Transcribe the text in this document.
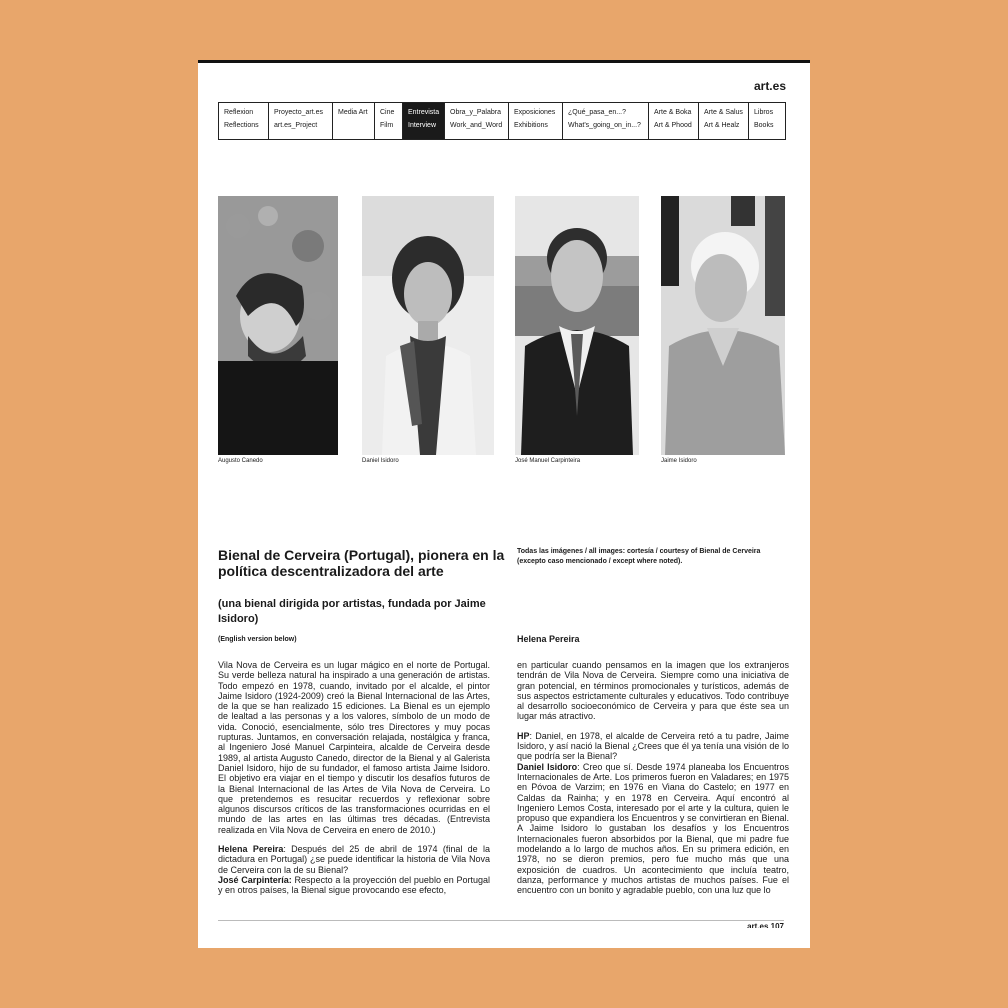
art.es
Reflexion
Reflections
Proyecto_art.es
art.es_Project
Media Art	Cine
Film
Entrevista
Interview
Obra_y_Palabra
Work_and_Word
Exposiciones
Exhibitions
¿Qué_pasa_en...?
What's_going_on_in...?
Arte & Boka
Art & Phood
Arte & Salus
Art & Healz
Libros
Books
Augusto Canedo	Daniel Isidoro	José Manuel Carpinteira	Jaime Isidoro
Bienal de Cerveira (Portugal), pionera en la política descentralizadora del arte
(una bienal dirigida por artistas, fundada por Jaime Isidoro)
(English version below)
Todas las imágenes / all images: cortesía / courtesy of Bienal de Cerveira (excepto caso mencionado / except where noted).
Helena Pereira

Vila Nova de Cerveira es un lugar mágico en el norte de Portugal. Su verde belleza natural ha inspirado a una generación de artistas. Todo empezó en 1978, cuando, invitado por el alcalde, el pintor Jaime Isidoro (1924-2009) creó la Bienal Internacional de las Artes, de la que se han realizado 15 ediciones. La Bienal es un ejemplo de lealtad a las personas y a los valores, símbolo de un modo de vida. Conoció, esencialmente, sólo tres Directores y muy pocas rupturas. Juntamos, en conversación relajada, nostálgica y franca, al Ingeniero José Manuel Carpinteira, alcalde de Cerveira desde 1989, al artista Augusto Canedo, director de la Bienal y al Galerista Daniel Isidoro, hijo de su fundador, el famoso artista Jaime Isidoro. El objetivo era viajar en el tiempo y discutir los desafíos futuros de la Bienal Internacional de las Artes de Vila Nova de Cerveira. Lo que pretendemos es resucitar recuerdos y reflexionar sobre algunos discursos críticos de las transformaciones ocurridas en el mundo de las artes en las últimas tres décadas. (Entrevista realizada en Vila Nova de Cerveira en enero de 2010.)

Helena Pereira: Después del 25 de abril de 1974 (final de la dictadura en Portugal) ¿se puede identificar la historia de Vila Nova de Cerveira con la de su Bienal?
José Carpintería: Respecto a la proyección del pueblo en Portugal y en otros países, la Bienal sigue provocando ese efecto,

en particular cuando pensamos en la imagen que los extranjeros tendrán de Vila Nova de Cerveira. Siempre como una iniciativa de gran potencial, en términos promocionales y turísticos, además de sus aspectos estrictamente culturales y educativos. Todo contribuye al desarrollo socioeconómico de Cerveira y para que éste sea un lugar más atractivo.

HP: Daniel, en 1978, el alcalde de Cerveira retó a tu padre, Jaime Isidoro, y así nació la Bienal ¿Crees que él ya tenía una visión de lo que podría ser la Bienal?
Daniel Isidoro: Creo que sí. Desde 1974 planeaba los Encuentros Internacionales de Arte. Los primeros fueron en Valadares; en 1975 en Póvoa de Varzim; en 1976 en Viana do Castelo; en 1977 en Caldas da Rainha; y en 1978 en Cerveira. Aquí encontró al Ingeniero Lemos Costa, interesado por el arte y la cultura, quien le propuso que expandiera los Encuentros y se convirtieran en Bienal. A Jaime Isidoro lo gustaban los desafíos y los Encuentros Internacionales fueron absorbidos por la Bienal, que mi padre fue modelando a lo largo de muchos años. En su primera edición, en 1978, no se dieron premios, pero fue mucho más que una exposición de cuadros. Un acontecimiento que incluía teatro, danza, performance y muchos artistas de muchos países. Fue el encuentro con un bonito y agradable pueblo, con una luz que lo

art.es 107
